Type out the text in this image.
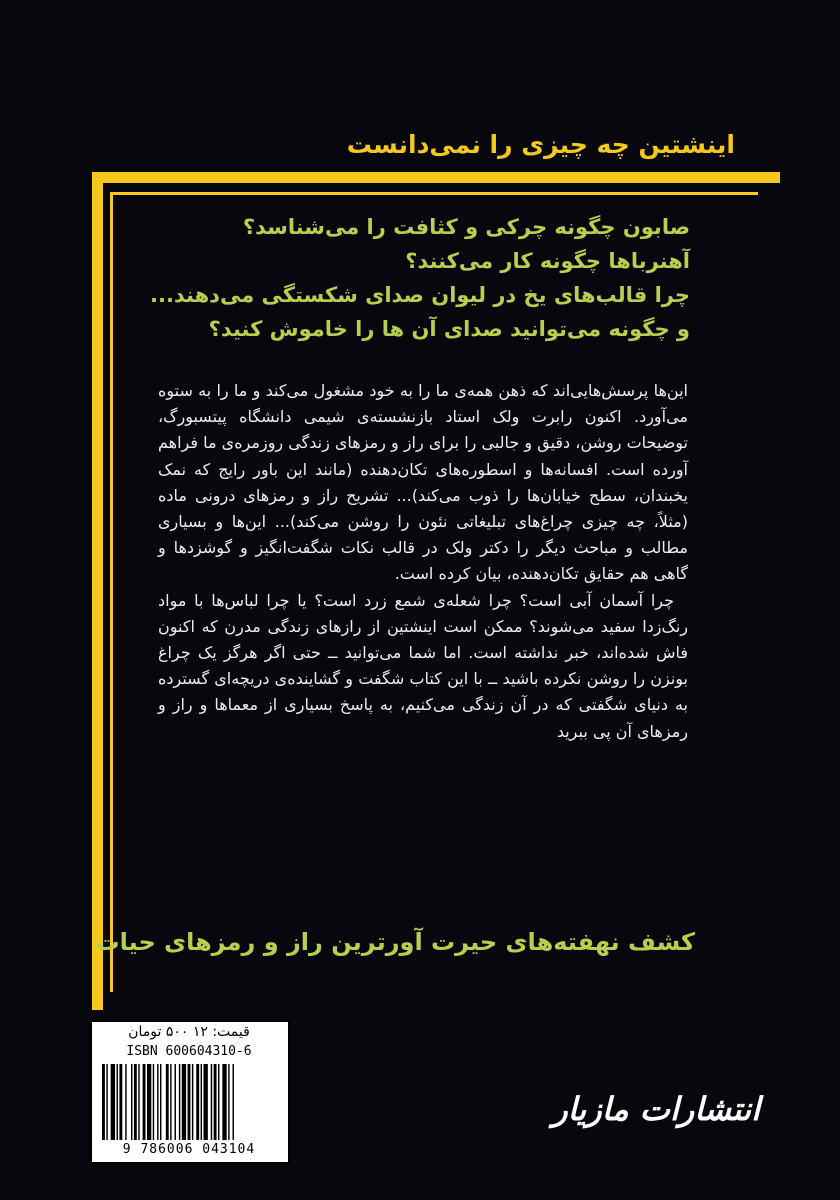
اینشتین چه چیزی را نمی‌دانست
صابون چگونه چرکی و کثافت را می‌شناسد؟
آهنرباها چگونه کار می‌کنند؟
چرا قالب‌های یخ در لیوان صدای شکستگی می‌دهند...
و چگونه می‌توانید صدای آن ها را خاموش کنید؟

این‌ها پرسش‌هایی‌اند که ذهن همه‌ی ما را به خود مشغول می‌کند و ما را به ستوه می‌آورد. اکنون رابرت ولک استاد بازنشسته‌ی شیمی دانشگاه پیتسبورگ، توضیحات روشن، دقیق و جالبی را برای راز و رمزهای زندگی روزمره‌ی ما فراهم آورده است. افسانه‌ها و اسطوره‌های تکان‌دهنده (مانند این باور رایج که نمک یخبندان، سطح خیابان‌ها را ذوب می‌کند)... تشریح راز و رمزهای درونی ماده (مثلاً، چه چیزی چراغ‌های تبلیغاتی نئون را روشن می‌کند)... این‌ها و بسیاری مطالب و مباحث دیگر را دکتر ولک در قالب نکات شگفت‌انگیز و گوشزدها و گاهی هم حقایق تکان‌دهنده، بیان کرده است.

چرا آسمان آبی است؟ چرا شعله‌ی شمع زرد است؟ یا چرا لباس‌ها با مواد رنگ‌زدا سفید می‌شوند؟ ممکن است اینشتین از رازهای زندگی مدرن که اکنون فاش شده‌اند، خبر نداشته است. اما شما می‌توانید ــ حتی اگر هرگز یک چراغ بونزن را روشن نکرده باشید ــ با این کتاب شگفت و گشاینده‌ی دریچه‌ای گسترده به دنیای شگفتی که در آن زندگی می‌کنیم، به پاسخ بسیاری از معماها و راز و رمزهای آن پی ببرید

کشف نهفته‌های حیرت آورترین راز و رمزهای حیات
قیمت: ۱۲ ۵۰۰ تومان
ISBN 600604310-6
9 786006 043104
انتشارات مازیار
